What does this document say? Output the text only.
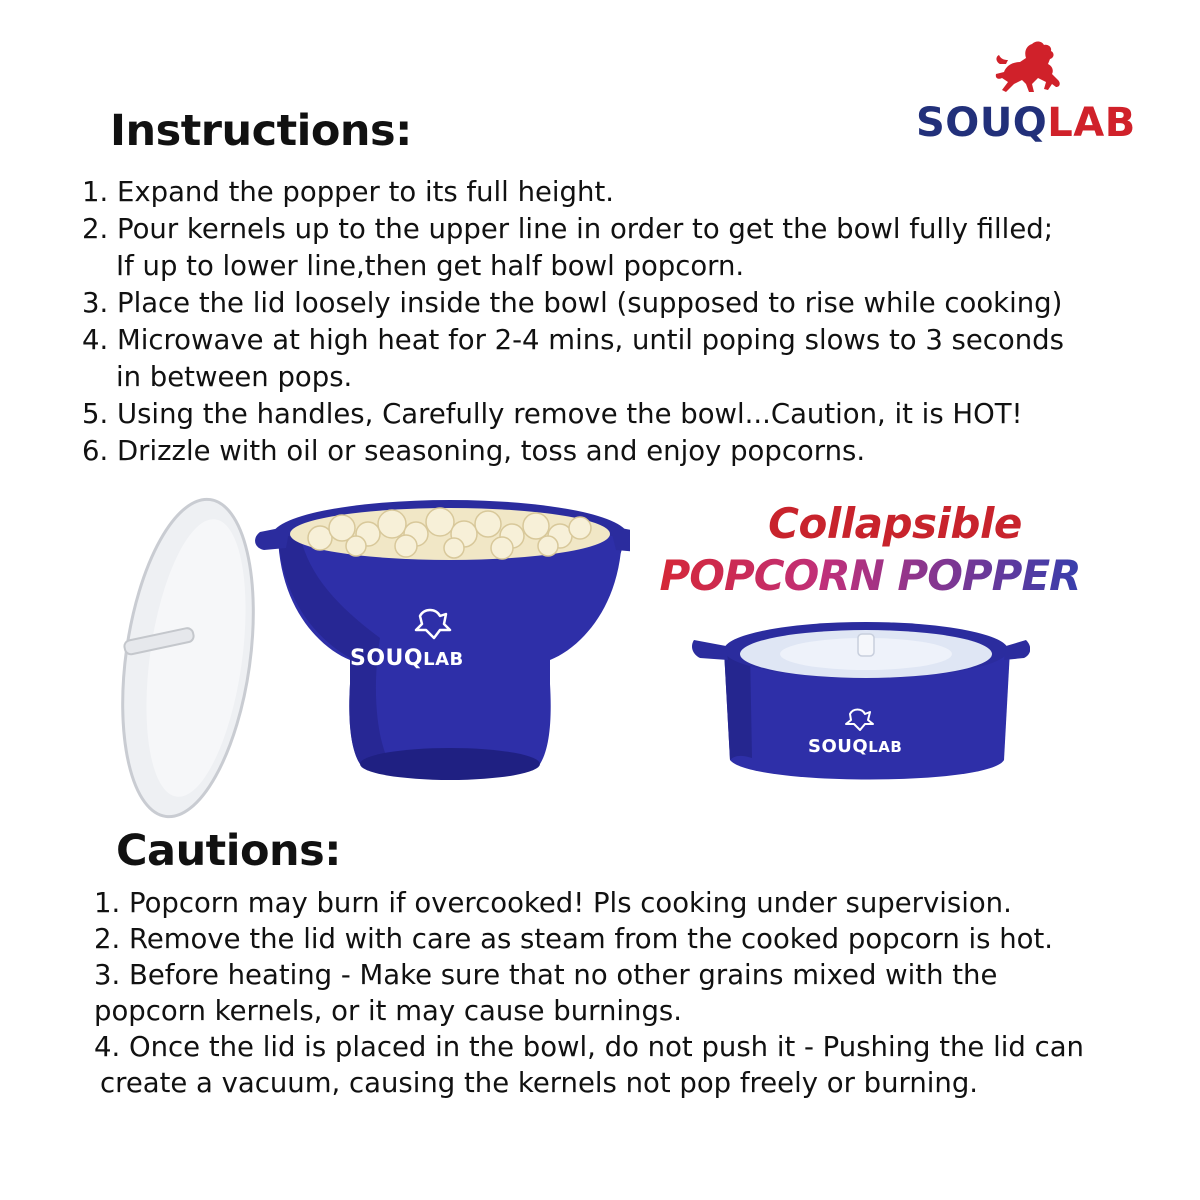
SOUQLAB
Instructions:
1. Expand the popper to its full height.
2. Pour kernels up to the upper line in order to get the bowl fully filled;
If up to lower line,then get half bowl popcorn.
3. Place the lid loosely inside the bowl (supposed to rise while cooking)
4. Microwave at high heat for 2-4 mins, until poping slows to 3 seconds
in between pops.
5. Using the handles, Carefully remove the bowl...Caution, it is HOT!
6. Drizzle with oil or seasoning, toss and enjoy popcorns.
SOUQLAB
Collapsible
POPCORN POPPER
SOUQLAB
Cautions:
1. Popcorn may burn if overcooked! Pls cooking under supervision.
2. Remove the lid with care as steam from the cooked popcorn is hot.
3. Before heating - Make sure that no other grains mixed with the
popcorn kernels, or it may cause burnings.
4. Once the lid is placed in the bowl, do not push it - Pushing the lid can
create a vacuum, causing the kernels not pop freely or burning.
